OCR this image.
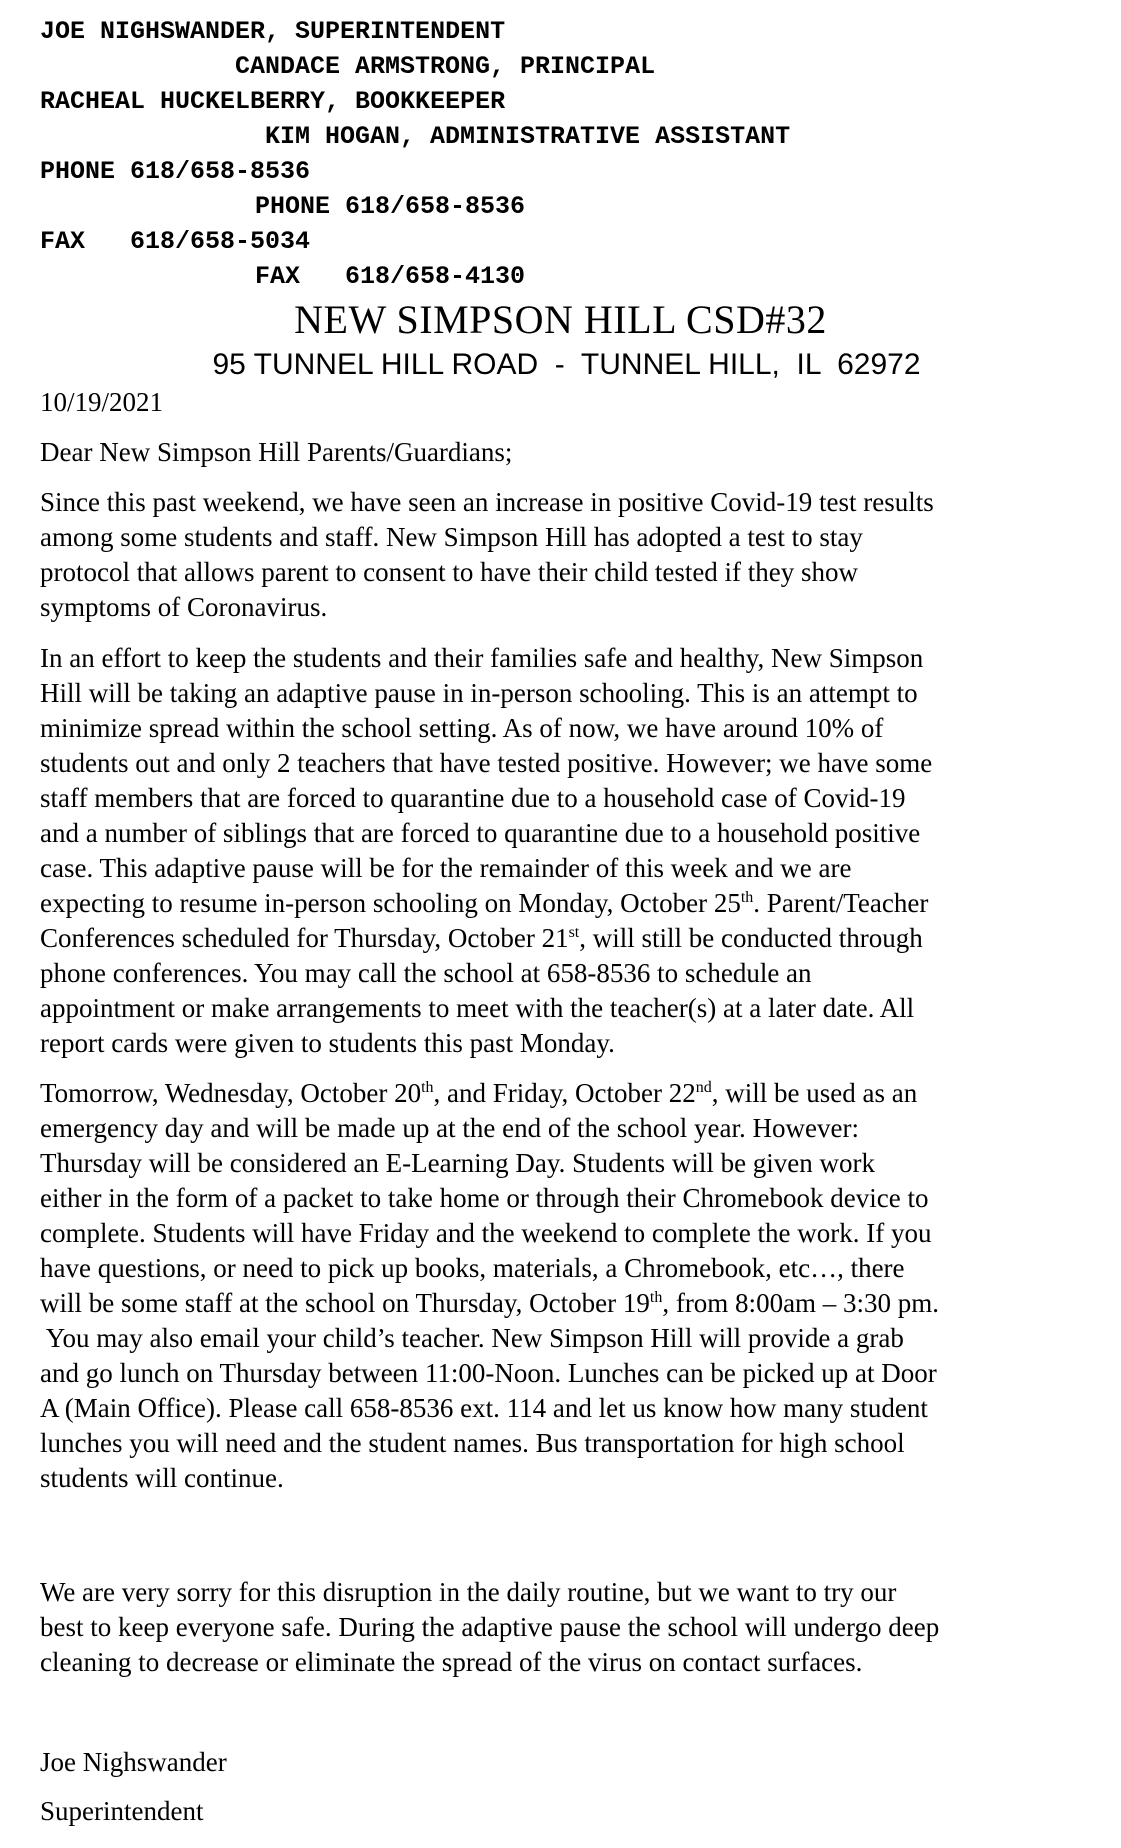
JOE NIGHSWANDER, SUPERINTENDENT
CANDACE ARMSTRONG, PRINCIPAL
RACHEAL HUCKELBERRY, BOOKKEEPER
KIM HOGAN, ADMINISTRATIVE ASSISTANT
PHONE 618/658-8536
PHONE 618/658-8536
FAX   618/658-5034
FAX   618/658-4130
NEW SIMPSON HILL CSD#32
95 TUNNEL HILL ROAD  -  TUNNEL HILL,  IL  62972
10/19/2021
Dear New Simpson Hill Parents/Guardians;
Since this past weekend, we have seen an increase in positive Covid-19 test results
among some students and staff. New Simpson Hill has adopted a test to stay
protocol that allows parent to consent to have their child tested if they show
symptoms of Coronavirus.
In an effort to keep the students and their families safe and healthy, New Simpson
Hill will be taking an adaptive pause in in-person schooling. This is an attempt to
minimize spread within the school setting. As of now, we have around 10% of
students out and only 2 teachers that have tested positive. However; we have some
staff members that are forced to quarantine due to a household case of Covid-19
and a number of siblings that are forced to quarantine due to a household positive
case. This adaptive pause will be for the remainder of this week and we are
expecting to resume in-person schooling on Monday, October 25th. Parent/Teacher
Conferences scheduled for Thursday, October 21st, will still be conducted through
phone conferences. You may call the school at 658-8536 to schedule an
appointment or make arrangements to meet with the teacher(s) at a later date. All
report cards were given to students this past Monday.
Tomorrow, Wednesday, October 20th, and Friday, October 22nd, will be used as an
emergency day and will be made up at the end of the school year. However:
Thursday will be considered an E-Learning Day. Students will be given work
either in the form of a packet to take home or through their Chromebook device to
complete. Students will have Friday and the weekend to complete the work. If you
have questions, or need to pick up books, materials, a Chromebook, etc…, there
will be some staff at the school on Thursday, October 19th, from 8:00am – 3:30 pm.
You may also email your child’s teacher. New Simpson Hill will provide a grab
and go lunch on Thursday between 11:00-Noon. Lunches can be picked up at Door
A (Main Office). Please call 658-8536 ext. 114 and let us know how many student
lunches you will need and the student names. Bus transportation for high school
students will continue.
We are very sorry for this disruption in the daily routine, but we want to try our
best to keep everyone safe. During the adaptive pause the school will undergo deep
cleaning to decrease or eliminate the spread of the virus on contact surfaces.
Joe Nighswander
Superintendent
